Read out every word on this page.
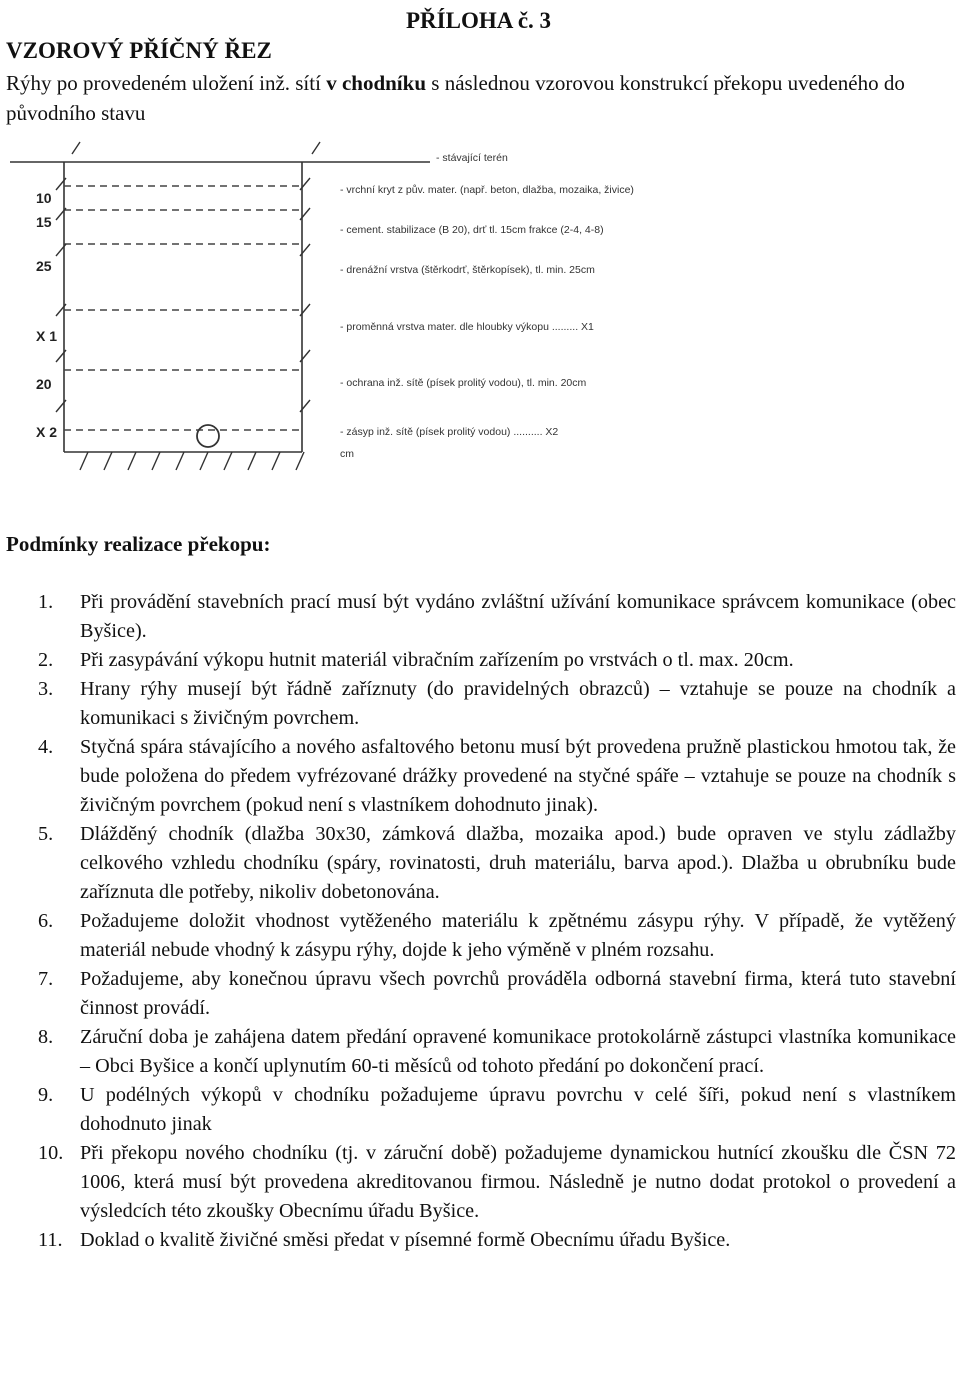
PŘÍLOHA č. 3
VZOROVÝ PŘÍČNÝ ŘEZ
Rýhy po provedeném uložení inž. sítí v chodníku s následnou vzorovou konstrukcí překopu uvedeného do původního stavu
10
15
25
X 1
20
X 2
- stávající terén
- vrchní kryt z pův. mater. (např. beton, dlažba, mozaika, živice)
- cement. stabilizace (B 20), drť tl. 15cm frakce (2-4, 4-8)
- drenážní vrstva (štěrkodrť, štěrkopísek), tl. min. 25cm
- proměnná vrstva mater. dle hloubky výkopu ......... X1
- ochrana inž. sítě (písek prolitý vodou), tl. min. 20cm
- zásyp inž. sítě (písek prolitý vodou) .......... X2
cm
Podmínky realizace překopu:
1.	Při provádění stavebních prací musí být vydáno zvláštní užívání komunikace správcem komunikace (obec Byšice).
2.	Při zasypávání výkopu hutnit materiál vibračním zařízením po vrstvách o tl. max. 20cm.
3.	Hrany rýhy musejí být řádně zaříznuty (do pravidelných obrazců) – vztahuje se pouze na chodník a komunikaci s živičným povrchem.
4.	Styčná spára stávajícího a nového asfaltového betonu musí být provedena pružně plastickou hmotou tak, že bude položena do předem vyfrézované drážky provedené na styčné spáře – vztahuje se pouze na chodník s živičným povrchem (pokud není s vlastníkem dohodnuto jinak).
5.	Dlážděný chodník (dlažba 30x30, zámková dlažba, mozaika apod.) bude opraven ve stylu zádlažby celkového vzhledu chodníku (spáry, rovinatosti, druh materiálu, barva apod.). Dlažba u obrubníku bude zaříznuta dle potřeby, nikoliv dobetonována.
6.	Požadujeme doložit vhodnost vytěženého materiálu k zpětnému zásypu rýhy. V případě, že vytěžený materiál nebude vhodný k zásypu rýhy, dojde k jeho výměně v plném rozsahu.
7.	Požadujeme, aby konečnou úpravu všech povrchů prováděla odborná stavební firma, která tuto stavební činnost provádí.
8.	Záruční doba je zahájena datem předání opravené komunikace protokolárně zástupci vlastníka komunikace – Obci Byšice a končí uplynutím 60-ti měsíců od tohoto předání po dokončení prací.
9.	U podélných výkopů v chodníku požadujeme úpravu povrchu v celé šíři, pokud není s vlastníkem dohodnuto jinak
10. Při překopu nového chodníku (tj. v záruční době) požadujeme dynamickou hutnící zkoušku dle ČSN 72 1006, která musí být provedena akreditovanou firmou. Následně je nutno dodat protokol o provedení a výsledcích této zkoušky Obecnímu úřadu Byšice.
11. Doklad o kvalitě živičné směsi předat v písemné formě Obecnímu úřadu Byšice.
